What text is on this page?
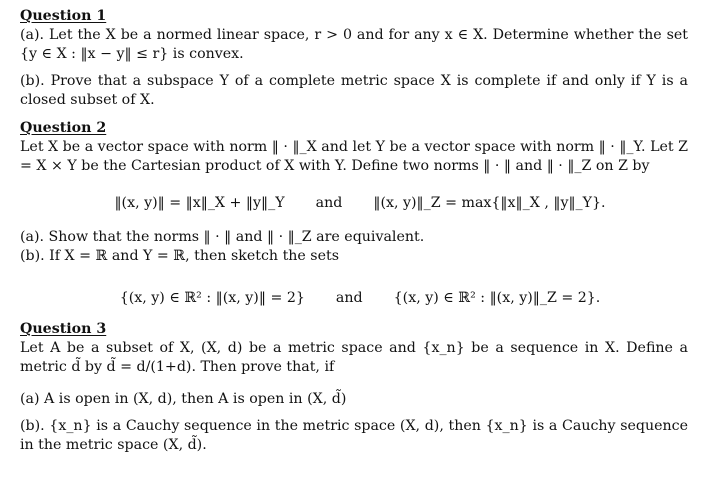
Question 1
(a). Let the X be a normed linear space, r > 0 and for any x ∈ X. Determine whether the set {y ∈ X : ‖x − y‖ ≤ r} is convex.
(b). Prove that a subspace Y of a complete metric space X is complete if and only if Y is a closed subset of X.
Question 2
Let X be a vector space with norm ‖ · ‖_X and let Y be a vector space with norm ‖ · ‖_Y. Let Z = X × Y be the Cartesian product of X with Y. Define two norms ‖ · ‖ and ‖ · ‖_Z on Z by
‖(x, y)‖ = ‖x‖_X + ‖y‖_Y and ‖(x, y)‖_Z = max{‖x‖_X , ‖y‖_Y}.
(a). Show that the norms ‖ · ‖ and ‖ · ‖_Z are equivalent.
(b). If X = ℝ and Y = ℝ, then sketch the sets
{(x, y) ∈ ℝ² : ‖(x, y)‖ = 2} and {(x, y) ∈ ℝ² : ‖(x, y)‖_Z = 2}.
Question 3
Let A be a subset of X, (X, d) be a metric space and {x_n} be a sequence in X. Define a metric d̃ by d̃ = d/(1+d). Then prove that, if
(a) A is open in (X, d), then A is open in (X, d̃)
(b). {x_n} is a Cauchy sequence in the metric space (X, d), then {x_n} is a Cauchy sequence in the metric space (X, d̃).
